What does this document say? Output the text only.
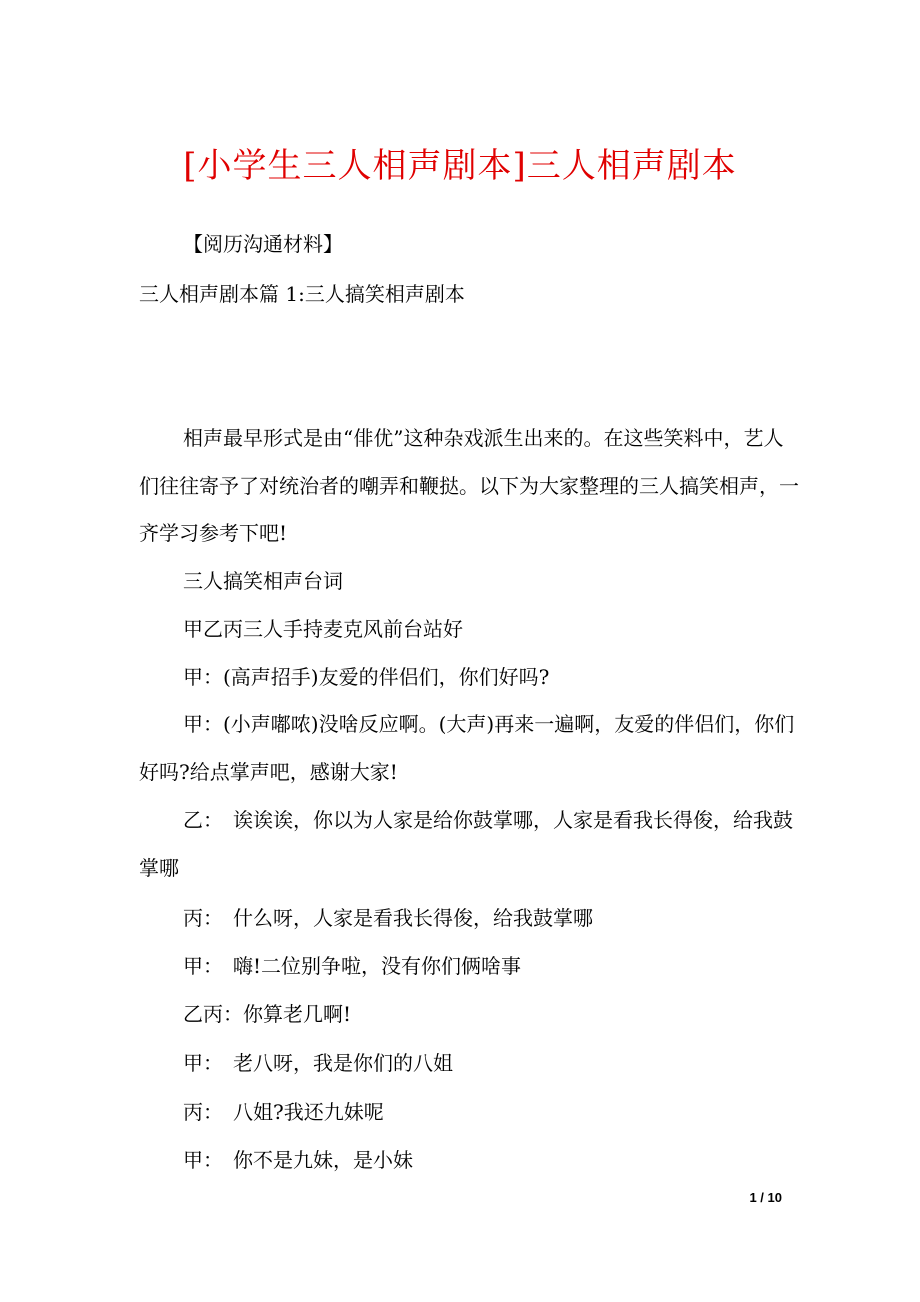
[小学生三人相声剧本]三人相声剧本
【阅历沟通材料】
三人相声剧本篇 1:三人搞笑相声剧本
相声最早形式是由“俳优”这种杂戏派生出来的。在这些笑料中，艺人们往往寄予了对统治者的嘲弄和鞭挞。以下为大家整理的三人搞笑相声，一齐学习参考下吧!
三人搞笑相声台词
甲乙丙三人手持麦克风前台站好
甲：(高声招手)友爱的伴侣们，你们好吗?
甲：(小声嘟哝)没啥反应啊。(大声)再来一遍啊，友爱的伴侣们，你们好吗?给点掌声吧，感谢大家!
乙：　诶诶诶，你以为人家是给你鼓掌哪，人家是看我长得俊，给我鼓掌哪
丙：　什么呀，人家是看我长得俊，给我鼓掌哪
甲：　嗨!二位别争啦，没有你们俩啥事
乙丙：你算老几啊!
甲：　老八呀，我是你们的八姐
丙：　八姐?我还九妹呢
甲：　你不是九妹，是小妹
1 / 10
